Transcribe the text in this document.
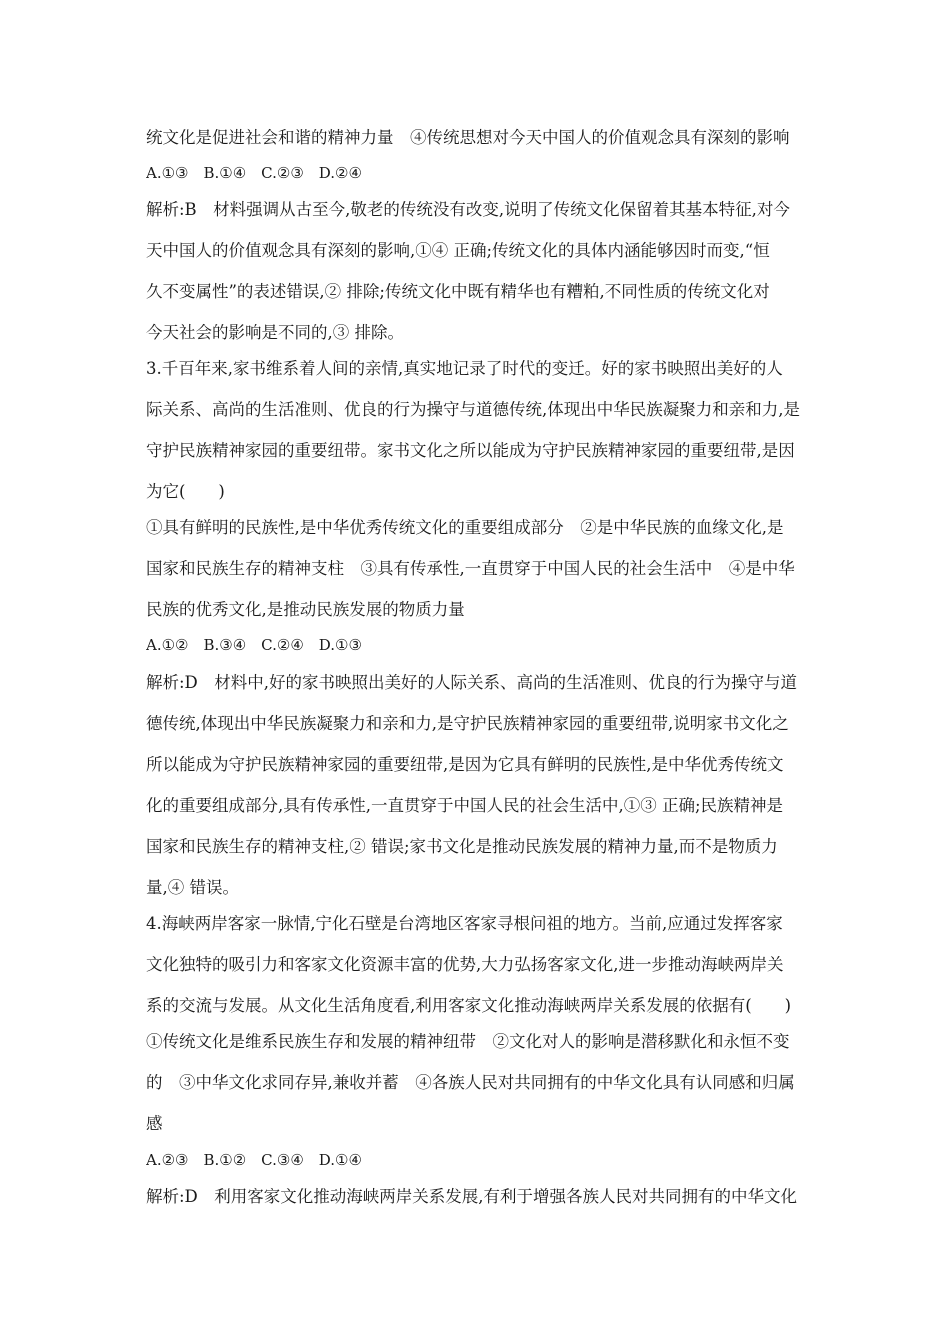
统文化是促进社会和谐的精神力量　④传统思想对今天中国人的价值观念具有深刻的影响
A.①③　B.①④　C.②③　D.②④
解析:B　材料强调从古至今,敬老的传统没有改变,说明了传统文化保留着其基本特征,对今
天中国人的价值观念具有深刻的影响,①④ 正确;传统文化的具体内涵能够因时而变,“恒
久不变属性”的表述错误,② 排除;传统文化中既有精华也有糟粕,不同性质的传统文化对
今天社会的影响是不同的,③ 排除。
3.千百年来,家书维系着人间的亲情,真实地记录了时代的变迁。好的家书映照出美好的人
际关系、高尚的生活准则、优良的行为操守与道德传统,体现出中华民族凝聚力和亲和力,是
守护民族精神家园的重要纽带。家书文化之所以能成为守护民族精神家园的重要纽带,是因
为它(　　)
①具有鲜明的民族性,是中华优秀传统文化的重要组成部分　②是中华民族的血缘文化,是
国家和民族生存的精神支柱　③具有传承性,一直贯穿于中国人民的社会生活中　④是中华
民族的优秀文化,是推动民族发展的物质力量
A.①②　B.③④　C.②④　D.①③
解析:D　材料中,好的家书映照出美好的人际关系、高尚的生活准则、优良的行为操守与道
德传统,体现出中华民族凝聚力和亲和力,是守护民族精神家园的重要纽带,说明家书文化之
所以能成为守护民族精神家园的重要纽带,是因为它具有鲜明的民族性,是中华优秀传统文
化的重要组成部分,具有传承性,一直贯穿于中国人民的社会生活中,①③ 正确;民族精神是
国家和民族生存的精神支柱,② 错误;家书文化是推动民族发展的精神力量,而不是物质力
量,④ 错误。
4.海峡两岸客家一脉情,宁化石壁是台湾地区客家寻根问祖的地方。当前,应通过发挥客家
文化独特的吸引力和客家文化资源丰富的优势,大力弘扬客家文化,进一步推动海峡两岸关
系的交流与发展。从文化生活角度看,利用客家文化推动海峡两岸关系发展的依据有(　　)
①传统文化是维系民族生存和发展的精神纽带　②文化对人的影响是潜移默化和永恒不变
的　③中华文化求同存异,兼收并蓄　④各族人民对共同拥有的中华文化具有认同感和归属
感
A.②③　B.①②　C.③④　D.①④
解析:D　利用客家文化推动海峡两岸关系发展,有利于增强各族人民对共同拥有的中华文化
